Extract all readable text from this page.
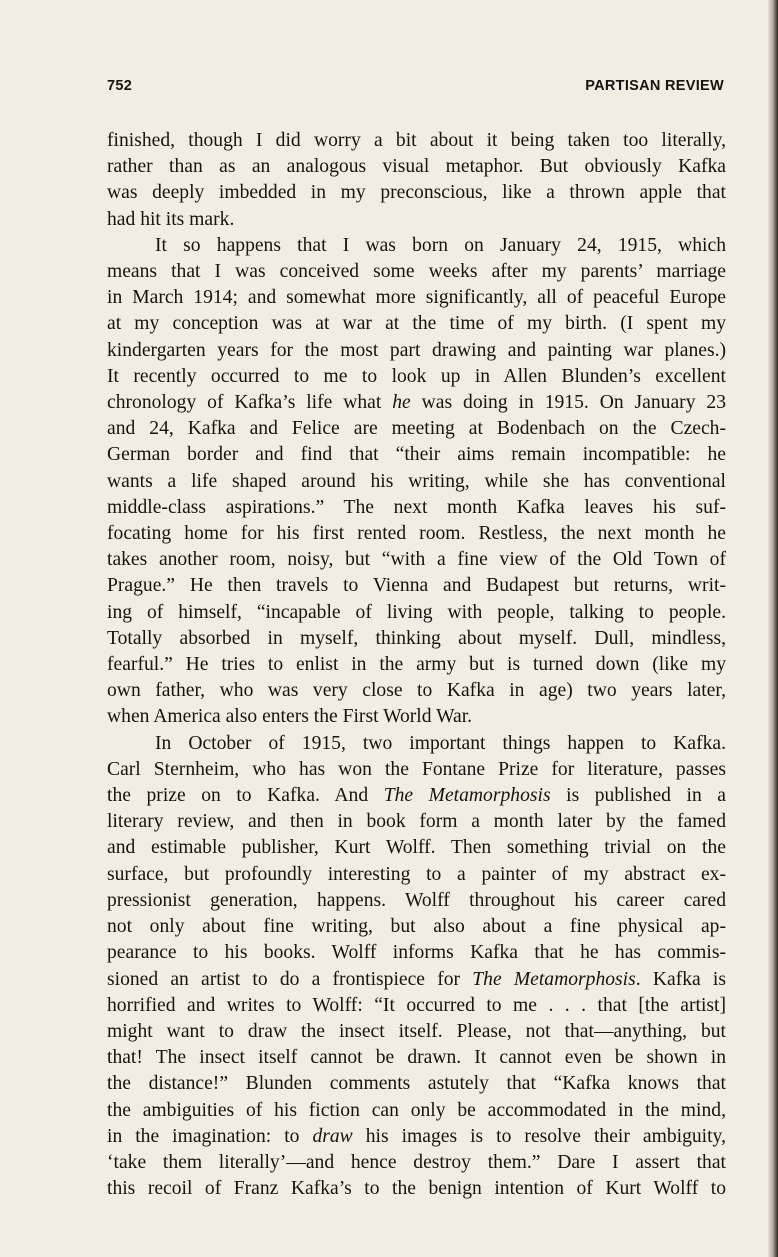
752	PARTISAN REVIEW

finished, though I did worry a bit about it being taken too literally,

rather than as an analogous visual metaphor. But obviously Kafka

was deeply imbedded in my preconscious, like a thrown apple that

had hit its mark.

It so happens that I was born on January 24, 1915, which

means that I was conceived some weeks after my parents’ marriage

in March 1914; and somewhat more significantly, all of peaceful Europe

at my conception was at war at the time of my birth. (I spent my

kindergarten years for the most part drawing and painting war planes.)

It recently occurred to me to look up in Allen Blunden’s excellent

chronology of Kafka’s life what he was doing in 1915. On January 23

and 24, Kafka and Felice are meeting at Bodenbach on the Czech-

German border and find that “their aims remain incompatible: he

wants a life shaped around his writing, while she has conventional

middle-class aspirations.” The next month Kafka leaves his suf-

focating home for his first rented room. Restless, the next month he

takes another room, noisy, but “with a fine view of the Old Town of

Prague.” He then travels to Vienna and Budapest but returns, writ-

ing of himself, “incapable of living with people, talking to people.

Totally absorbed in myself, thinking about myself. Dull, mindless,

fearful.” He tries to enlist in the army but is turned down (like my

own father, who was very close to Kafka in age) two years later,

when America also enters the First World War.

In October of 1915, two important things happen to Kafka.

Carl Sternheim, who has won the Fontane Prize for literature, passes

the prize on to Kafka. And The Metamorphosis is published in a

literary review, and then in book form a month later by the famed

and estimable publisher, Kurt Wolff. Then something trivial on the

surface, but profoundly interesting to a painter of my abstract ex-

pressionist generation, happens. Wolff throughout his career cared

not only about fine writing, but also about a fine physical ap-

pearance to his books. Wolff informs Kafka that he has commis-

sioned an artist to do a frontispiece for The Metamorphosis. Kafka is

horrified and writes to Wolff: “It occurred to me . . . that [the artist]

might want to draw the insect itself. Please, not that—anything, but

that! The insect itself cannot be drawn. It cannot even be shown in

the distance!” Blunden comments astutely that “Kafka knows that

the ambiguities of his fiction can only be accommodated in the mind,

in the imagination: to draw his images is to resolve their ambiguity,

‘take them literally’—and hence destroy them.” Dare I assert that

this recoil of Franz Kafka’s to the benign intention of Kurt Wolff to
